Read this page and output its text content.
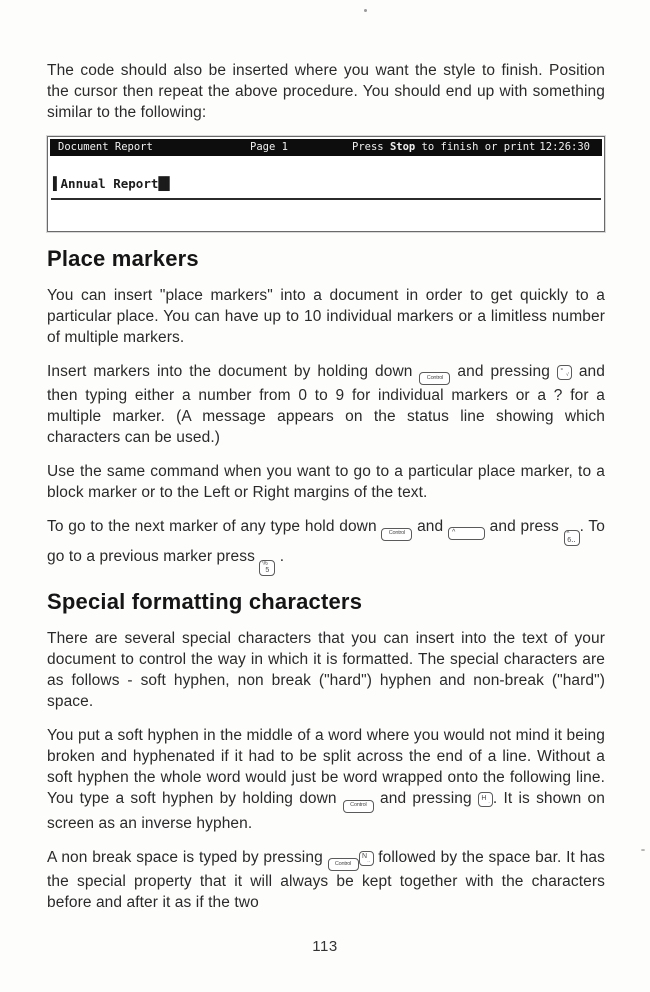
The code should also be inserted where you want the style to finish. Position the cursor then repeat the above procedure. You should end up with something similar to the following:

Document Report	Page 1	Press Stop to finish or print 12:26:30
▌Annual Report█▌
Place markers

You can insert "place markers" into a document in order to get quickly to a particular place. You can have up to 10 individual markers or a limitless number of multiple markers.

Insert markers into the document by holding down Control and pressing °
√ and then typing either a number from 0 to 9 for individual markers or a ? for a multiple marker. (A message appears on the status line showing which characters can be used.)

Use the same command when you want to go to a particular place marker, to a block marker or to the Left or Right margins of the text.

To go to the next marker of any type hold down Control and ^ and press ^
6‥
. To go to a previous marker press %
5
.

Special formatting characters

There are several special characters that you can insert into the text of your document to control the way in which it is formatted. The special characters are as follows - soft hyphen, non break ("hard") hyphen and non-break ("hard") space.

You put a soft hyphen in the middle of a word where you would not mind it being broken and hyphenated if it had to be split across the end of a line. Without a soft hyphen the whole word would just be word wrapped onto the following line. You type a soft hyphen by holding down Control and pressing H
. . It is shown on screen as an inverse hyphen.

A non break space is typed by pressing Control
N
‥ followed by the space bar. It has the special property that it will always be kept together with the characters before and after it as if the two

113
